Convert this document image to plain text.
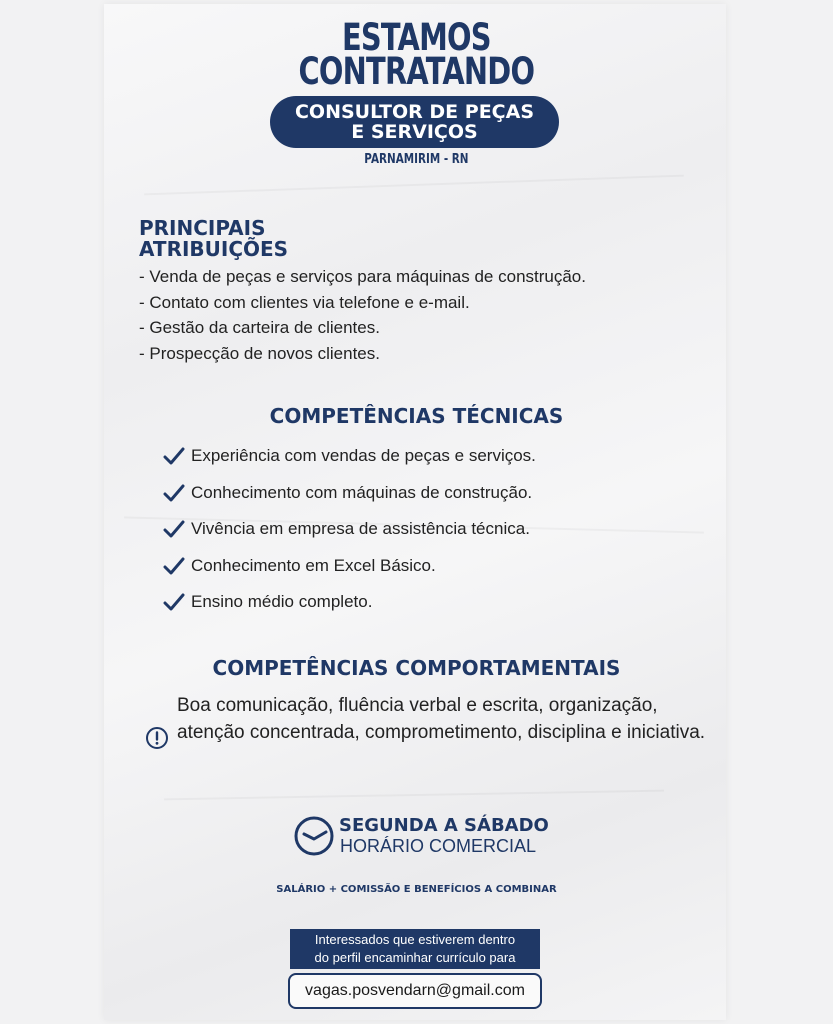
ESTAMOS
CONTRATANDO
CONSULTOR DE PEÇAS
E SERVIÇOS
PARNAMIRIM - RN
PRINCIPAIS
ATRIBUIÇÕES
- Venda de peças e serviços para máquinas de construção.
- Contato com clientes via telefone e e-mail.
- Gestão da carteira de clientes.
- Prospecção de novos clientes.
COMPETÊNCIAS TÉCNICAS
Experiência com vendas de peças e serviços.
Conhecimento com máquinas de construção.
Vivência em empresa de assistência técnica.
Conhecimento em Excel Básico.
Ensino médio completo.
COMPETÊNCIAS COMPORTAMENTAIS
Boa comunicação, fluência verbal e escrita, organização, atenção concentrada, comprometimento, disciplina e iniciativa.
SEGUNDA A SÁBADO
HORÁRIO COMERCIAL
SALÁRIO + COMISSÃO E BENEFÍCIOS A COMBINAR
Interessados que estiverem dentro
do perfil encaminhar currículo para
vagas.posvendarn@gmail.com
